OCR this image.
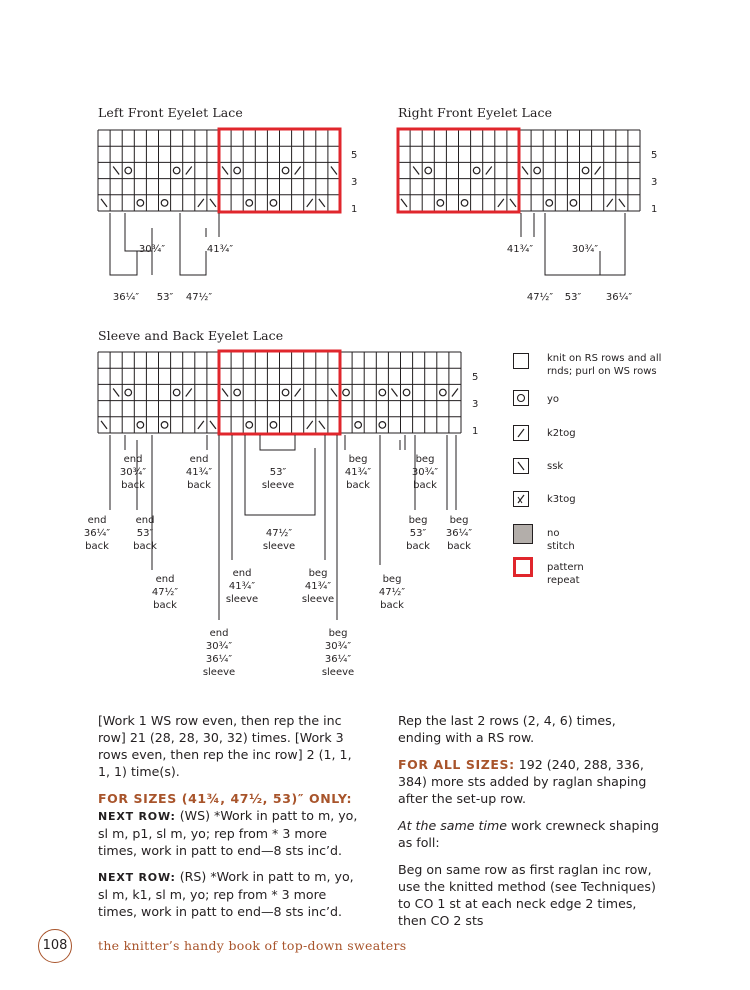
Left Front Eyelet Lace	Right Front Eyelet Lace
Sleeve and Back Eyelet Lace
5
3
1
5
3
1
5
3
1
30¾″	41¾″
36¼″	53″	47½″
41¾″	30¾″
47½″	53″	36¼″
end
30¾″
back
end
41¾″
back
53″
sleeve
beg
41¾″
back
beg
30¾″
back
end
36¼″
back
end
53″
back
47½″
sleeve
beg
53″
back
beg
36¼″
back
end
47½″
back
end
41¾″
sleeve
beg
41¾″
sleeve
beg
47½″
back
end
30¾″
36¼″
sleeve
beg
30¾″
36¼″
sleeve
knit on RS rows and all rnds; purl on WS rows
yo
k2tog
ssk
k3tog
no stitch
pattern repeat

[Work 1 WS row even, then rep the inc row] 21 (28, 28, 30, 32) times. [Work 3 rows even, then rep the inc row] 2 (1, 1, 1, 1) time(s).

FOR SIZES (41¾, 47½, 53)″ ONLY:

NEXT ROW: (WS) *Work in patt to m, yo, sl m, p1, sl m, yo; rep from * 3 more times, work in patt to end—8 sts inc’d.

NEXT ROW: (RS) *Work in patt to m, yo, sl m, k1, sl m, yo; rep from * 3 more times, work in patt to end—8 sts inc’d.

Rep the last 2 rows (2, 4, 6) times, ending with a RS row.

FOR ALL SIZES: 192 (240, 288, 336, 384) more sts added by raglan shaping after the set-up row.

At the same time work crewneck shaping as foll:

Beg on same row as first raglan inc row, use the knitted method (see Techniques) to CO 1 st at each neck edge 2 times, then CO 2 sts

108	the knitter’s handy book of top-down sweaters
